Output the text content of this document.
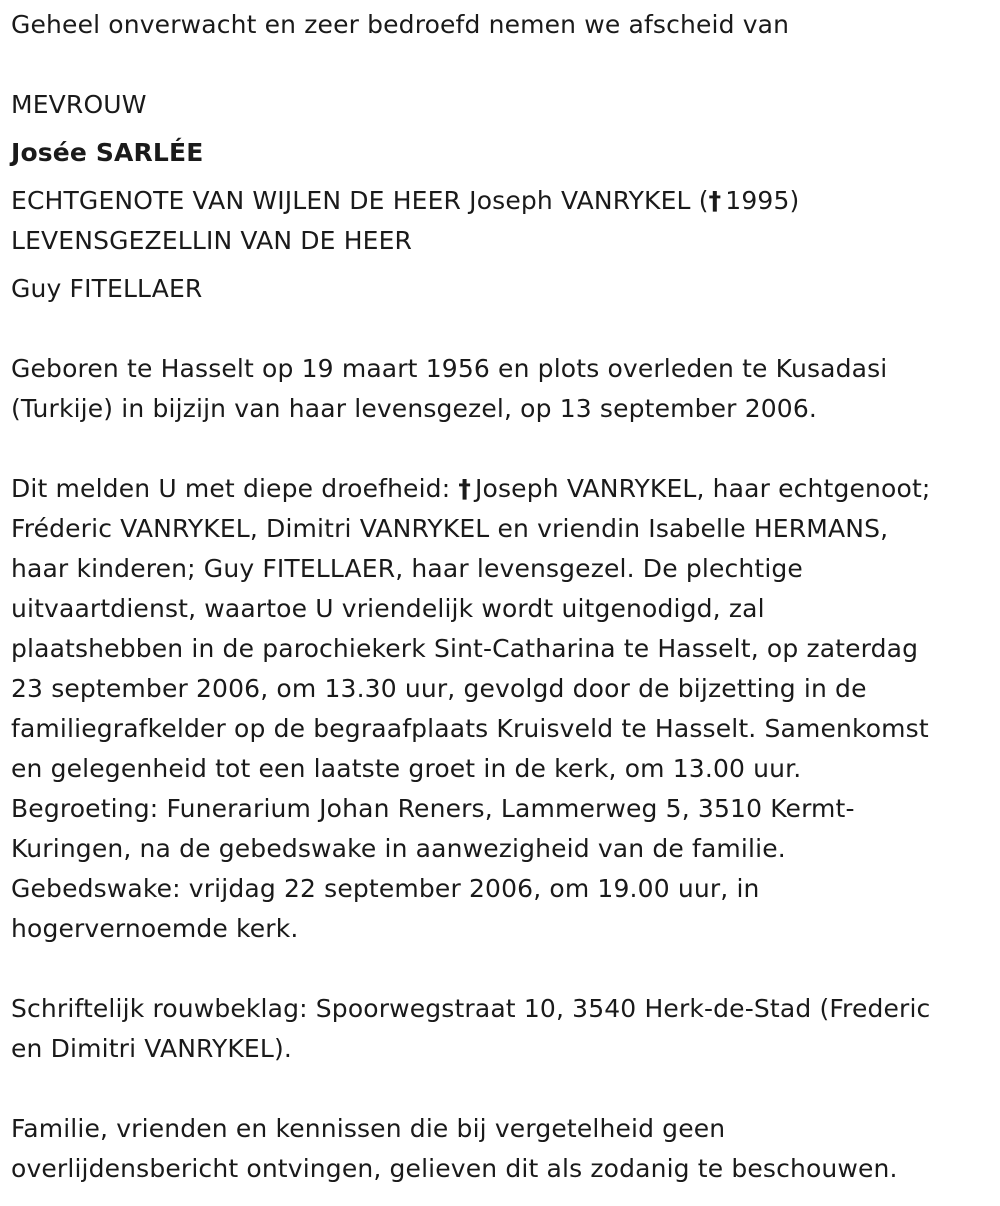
Geheel onverwacht en zeer bedroefd nemen we afscheid van
MEVROUW
Josée SARLÉE
ECHTGENOTE VAN WIJLEN DE HEER Joseph VANRYKEL († 1995)
LEVENSGEZELLIN VAN DE HEER
Guy FITELLAER
Geboren te Hasselt op 19 maart 1956 en plots overleden te Kusadasi
(Turkije) in bijzijn van haar levensgezel, op 13 september 2006.
Dit melden U met diepe droefheid: † Joseph VANRYKEL, haar echtgenoot;
Fréderic VANRYKEL, Dimitri VANRYKEL en vriendin Isabelle HERMANS,
haar kinderen; Guy FITELLAER, haar levensgezel. De plechtige
uitvaartdienst, waartoe U vriendelijk wordt uitgenodigd, zal
plaatshebben in de parochiekerk Sint-Catharina te Hasselt, op zaterdag
23 september 2006, om 13.30 uur, gevolgd door de bijzetting in de
familiegrafkelder op de begraafplaats Kruisveld te Hasselt. Samenkomst
en gelegenheid tot een laatste groet in de kerk, om 13.00 uur.
Begroeting: Funerarium Johan Reners, Lammerweg 5, 3510 Kermt-
Kuringen, na de gebedswake in aanwezigheid van de familie.
Gebedswake: vrijdag 22 september 2006, om 19.00 uur, in
hogervernoemde kerk.
Schriftelijk rouwbeklag: Spoorwegstraat 10, 3540 Herk-de-Stad (Frederic
en Dimitri VANRYKEL).
Familie, vrienden en kennissen die bij vergetelheid geen
overlijdensbericht ontvingen, gelieven dit als zodanig te beschouwen.
